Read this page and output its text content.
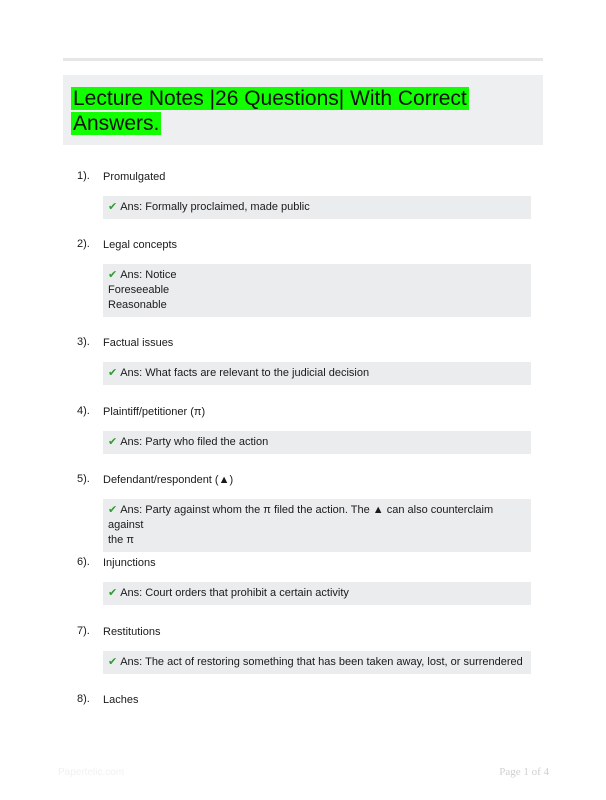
Lecture Notes |26 Questions| With Correct Answers.
1). Promulgated
✔ Ans: Formally proclaimed, made public
2). Legal concepts
✔ Ans: Notice
Foreseeable
Reasonable
3). Factual issues
✔ Ans: What facts are relevant to the judicial decision
4). Plaintiff/petitioner (π)
✔ Ans: Party who filed the action
5). Defendant/respondent (▲)
✔ Ans: Party against whom the π filed the action. The ▲ can also counterclaim against
the π
6). Injunctions
✔ Ans: Court orders that prohibit a certain activity
7). Restitutions
✔ Ans: The act of restoring something that has been taken away, lost, or surrendered
8). Laches
Papertelic.com	Page 1 of 4
